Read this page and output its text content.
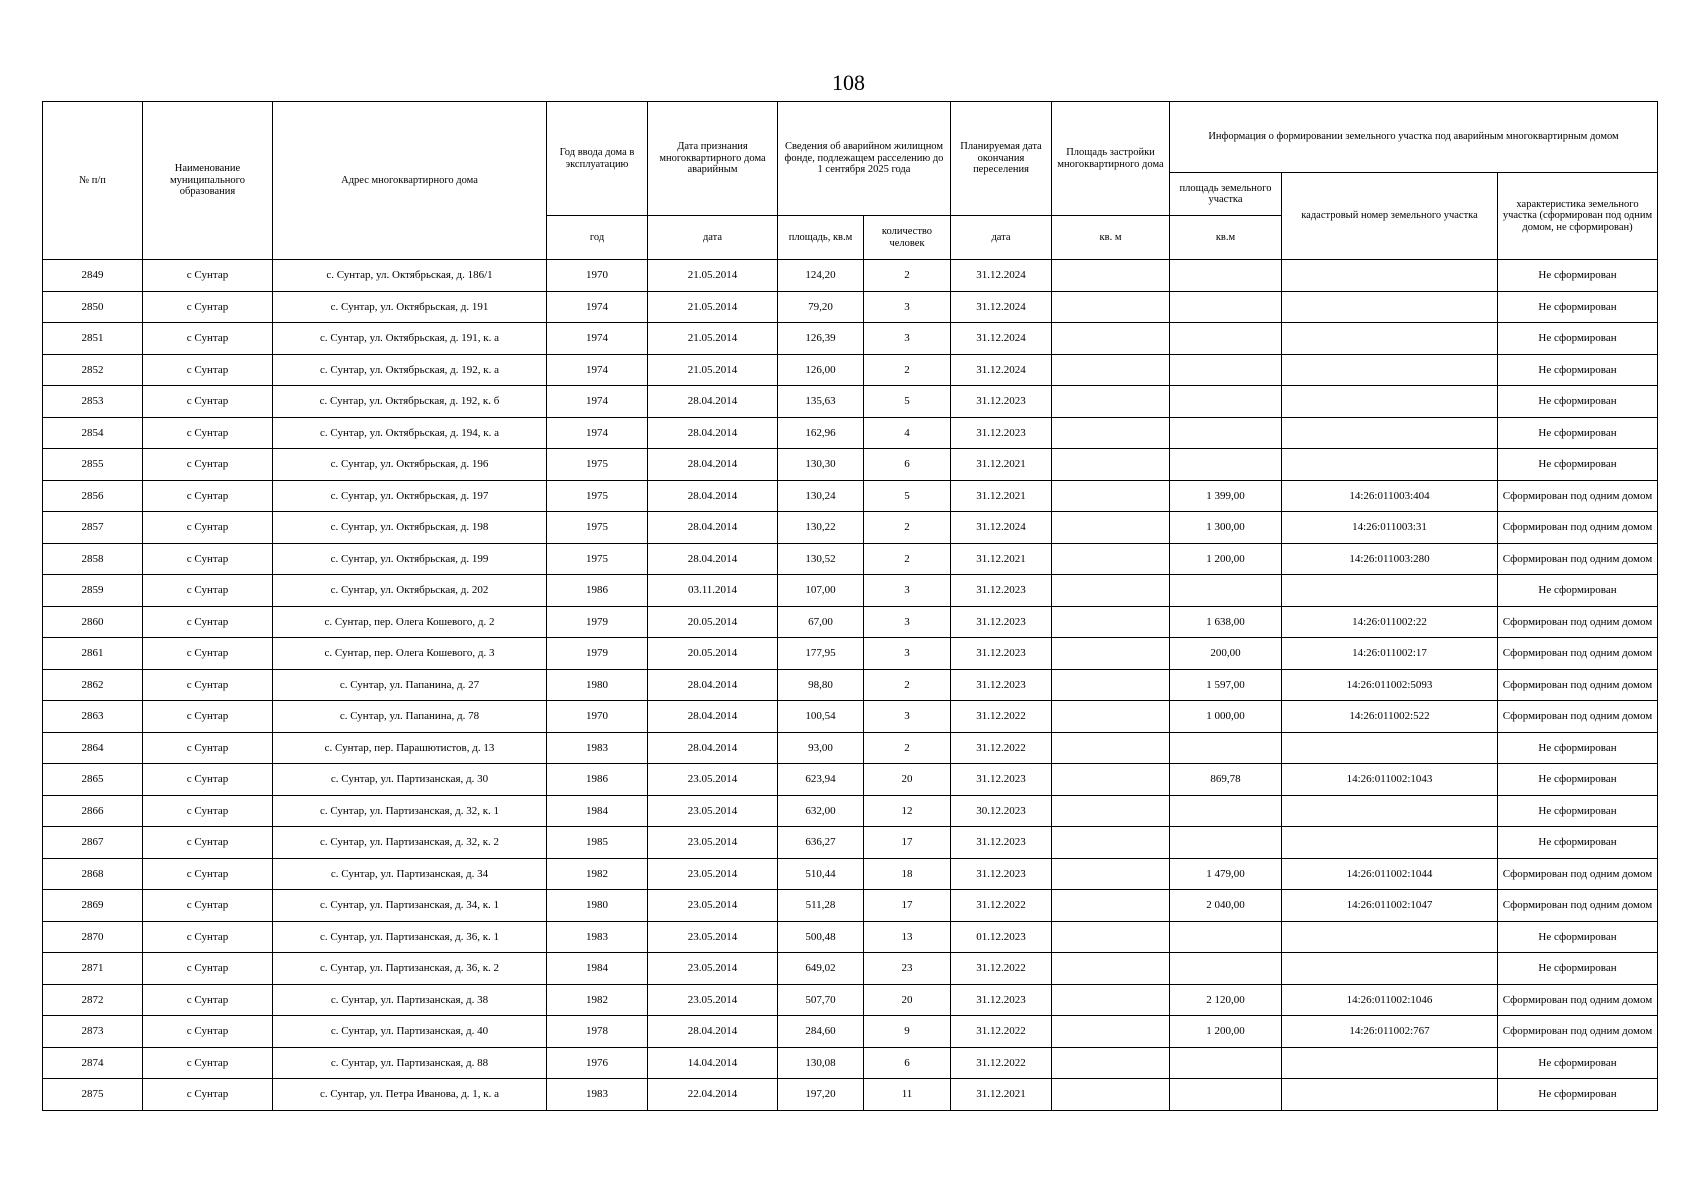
108
№ п/п	Наименование муниципального образования	Адрес многоквартирного дома	Год ввода дома в эксплуатацию	Дата признания многоквартирного дома аварийным	Сведения об аварийном жилищном фонде, подлежащем расселению до 1 сентября 2025 года		Планируемая дата окончания переселения	Площадь застройки многоквартирного дома	Информация о формировании земельного участка под аварийным многоквартирным домом		
									площадь земельного участка	кадастровый номер земельного участка	характеристика земельного участка (сформирован под одним домом, не сформирован)
			год	дата	площадь, кв.м	количество человек	дата	кв. м	кв.м		
2849	с Сунтар	с. Сунтар, ул. Октябрьская, д. 186/1	1970	21.05.2014	124,20	2	31.12.2024				Не сформирован
2850	с Сунтар	с. Сунтар, ул. Октябрьская, д. 191	1974	21.05.2014	79,20	3	31.12.2024				Не сформирован
2851	с Сунтар	с. Сунтар, ул. Октябрьская, д. 191, к. а	1974	21.05.2014	126,39	3	31.12.2024				Не сформирован
2852	с Сунтар	с. Сунтар, ул. Октябрьская, д. 192, к. а	1974	21.05.2014	126,00	2	31.12.2024				Не сформирован
2853	с Сунтар	с. Сунтар, ул. Октябрьская, д. 192, к. б	1974	28.04.2014	135,63	5	31.12.2023				Не сформирован
2854	с Сунтар	с. Сунтар, ул. Октябрьская, д. 194, к. а	1974	28.04.2014	162,96	4	31.12.2023				Не сформирован
2855	с Сунтар	с. Сунтар, ул. Октябрьская, д. 196	1975	28.04.2014	130,30	6	31.12.2021				Не сформирован
2856	с Сунтар	с. Сунтар, ул. Октябрьская, д. 197	1975	28.04.2014	130,24	5	31.12.2021		1 399,00	14:26:011003:404	Сформирован под одним домом
2857	с Сунтар	с. Сунтар, ул. Октябрьская, д. 198	1975	28.04.2014	130,22	2	31.12.2024		1 300,00	14:26:011003:31	Сформирован под одним домом
2858	с Сунтар	с. Сунтар, ул. Октябрьская, д. 199	1975	28.04.2014	130,52	2	31.12.2021		1 200,00	14:26:011003:280	Сформирован под одним домом
2859	с Сунтар	с. Сунтар, ул. Октябрьская, д. 202	1986	03.11.2014	107,00	3	31.12.2023				Не сформирован
2860	с Сунтар	с. Сунтар, пер. Олега Кошевого, д. 2	1979	20.05.2014	67,00	3	31.12.2023		1 638,00	14:26:011002:22	Сформирован под одним домом
2861	с Сунтар	с. Сунтар, пер. Олега Кошевого, д. 3	1979	20.05.2014	177,95	3	31.12.2023		200,00	14:26:011002:17	Сформирован под одним домом
2862	с Сунтар	с. Сунтар, ул. Папанина, д. 27	1980	28.04.2014	98,80	2	31.12.2023		1 597,00	14:26:011002:5093	Сформирован под одним домом
2863	с Сунтар	с. Сунтар, ул. Папанина, д. 78	1970	28.04.2014	100,54	3	31.12.2022		1 000,00	14:26:011002:522	Сформирован под одним домом
2864	с Сунтар	с. Сунтар, пер. Парашютистов, д. 13	1983	28.04.2014	93,00	2	31.12.2022				Не сформирован
2865	с Сунтар	с. Сунтар, ул. Партизанская, д. 30	1986	23.05.2014	623,94	20	31.12.2023		869,78	14:26:011002:1043	Не сформирован
2866	с Сунтар	с. Сунтар, ул. Партизанская, д. 32, к. 1	1984	23.05.2014	632,00	12	30.12.2023				Не сформирован
2867	с Сунтар	с. Сунтар, ул. Партизанская, д. 32, к. 2	1985	23.05.2014	636,27	17	31.12.2023				Не сформирован
2868	с Сунтар	с. Сунтар, ул. Партизанская, д. 34	1982	23.05.2014	510,44	18	31.12.2023		1 479,00	14:26:011002:1044	Сформирован под одним домом
2869	с Сунтар	с. Сунтар, ул. Партизанская, д. 34, к. 1	1980	23.05.2014	511,28	17	31.12.2022		2 040,00	14:26:011002:1047	Сформирован под одним домом
2870	с Сунтар	с. Сунтар, ул. Партизанская, д. 36, к. 1	1983	23.05.2014	500,48	13	01.12.2023				Не сформирован
2871	с Сунтар	с. Сунтар, ул. Партизанская, д. 36, к. 2	1984	23.05.2014	649,02	23	31.12.2022				Не сформирован
2872	с Сунтар	с. Сунтар, ул. Партизанская, д. 38	1982	23.05.2014	507,70	20	31.12.2023		2 120,00	14:26:011002:1046	Сформирован под одним домом
2873	с Сунтар	с. Сунтар, ул. Партизанская, д. 40	1978	28.04.2014	284,60	9	31.12.2022		1 200,00	14:26:011002:767	Сформирован под одним домом
2874	с Сунтар	с. Сунтар, ул. Партизанская, д. 88	1976	14.04.2014	130,08	6	31.12.2022				Не сформирован
2875	с Сунтар	с. Сунтар, ул. Петра Иванова, д. 1, к. а	1983	22.04.2014	197,20	11	31.12.2021				Не сформирован
